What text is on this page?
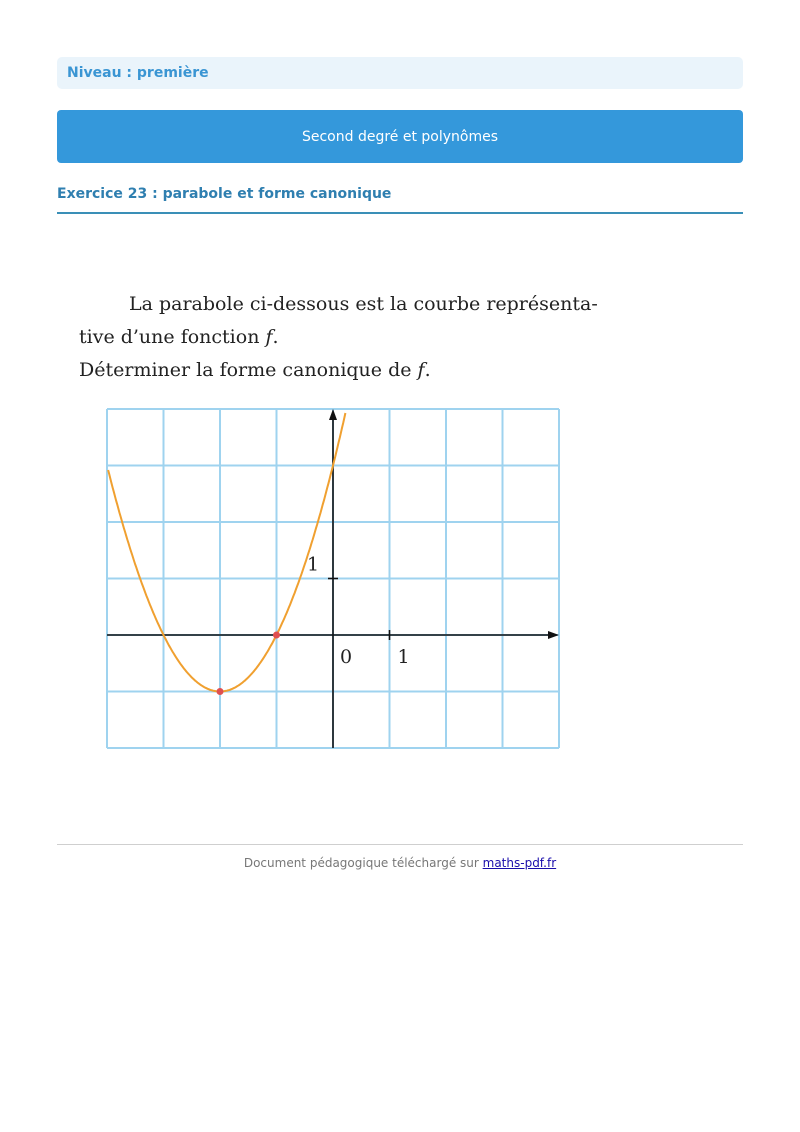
Niveau : première
Second degré et polynômes
Exercice 23 : parabole et forme canonique

La parabole ci-dessous est la courbe représenta-

tive d’une fonction f.

Déterminer la forme canonique de f.

0 1
1
Document pédagogique téléchargé sur maths-pdf.fr
